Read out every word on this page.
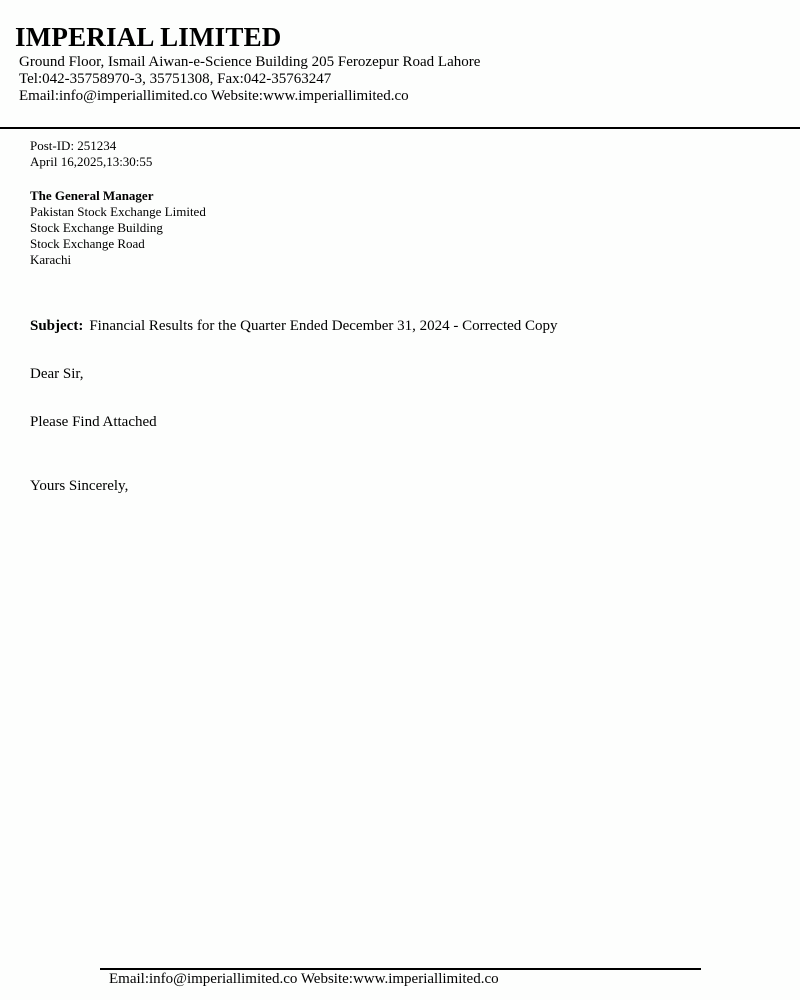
IMPERIAL LIMITED
Ground Floor, Ismail Aiwan-e-Science Building 205 Ferozepur Road Lahore
Tel:042-35758970-3, 35751308, Fax:042-35763247
Email:info@imperiallimited.co Website:www.imperiallimited.co
Post-ID: 251234
April 16,2025,13:30:55
The General Manager
Pakistan Stock Exchange Limited
Stock Exchange Building
Stock Exchange Road
Karachi
Subject: Financial Results for the Quarter Ended December 31, 2024 - Corrected Copy
Dear Sir,
Please Find Attached
Yours Sincerely,
Email:info@imperiallimited.co Website:www.imperiallimited.co
